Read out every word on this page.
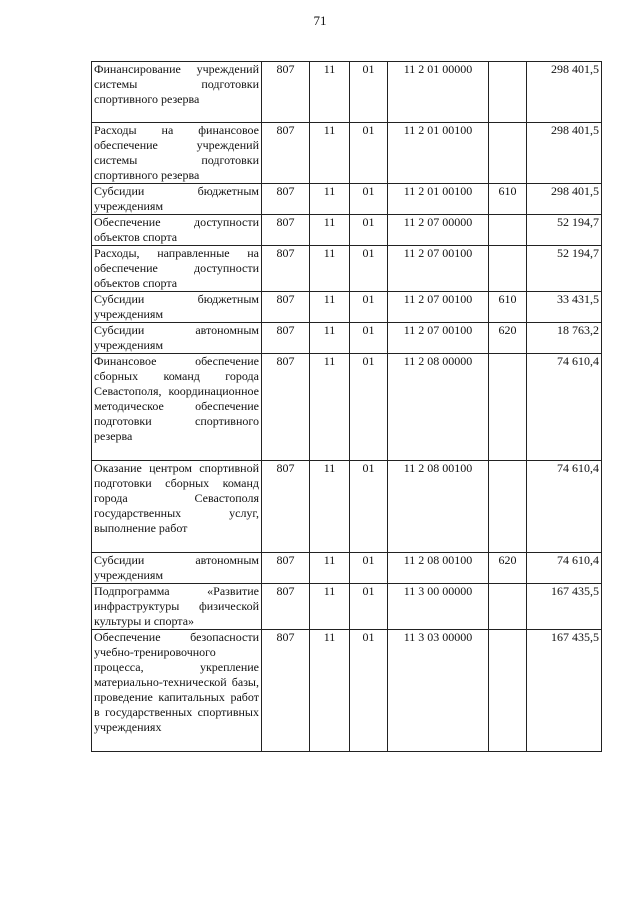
71
Финансирование учреждений системы подготовки спортивного резерва	807	11	01	11 2 01 00000		298 401,5
Расходы на финансовое обеспечение учреждений системы подготовки спортивного резерва	807	11	01	11 2 01 00100		298 401,5
Субсидии бюджетным учреждениям	807	11	01	11 2 01 00100	610	298 401,5
Обеспечение доступности объектов спорта	807	11	01	11 2 07 00000		52 194,7
Расходы, направленные на обеспечение доступности объектов спорта	807	11	01	11 2 07 00100		52 194,7
Субсидии бюджетным учреждениям	807	11	01	11 2 07 00100	610	33 431,5
Субсидии автономным учреждениям	807	11	01	11 2 07 00100	620	18 763,2
Финансовое обеспечение сборных команд города Севастополя, координационное методическое обеспечение подготовки спортивного резерва	807	11	01	11 2 08 00000		74 610,4
Оказание центром спортивной подготовки сборных команд города Севастополя государственных услуг, выполнение работ	807	11	01	11 2 08 00100		74 610,4
Субсидии автономным учреждениям	807	11	01	11 2 08 00100	620	74 610,4
Подпрограмма «Развитие инфраструктуры физической культуры и спорта»	807	11	01	11 3 00 00000		167 435,5
Обеспечение безопасности учебно-тренировочного процесса, укрепление материально-технической базы, проведение капитальных работ в государственных спортивных учреждениях	807	11	01	11 3 03 00000		167 435,5
